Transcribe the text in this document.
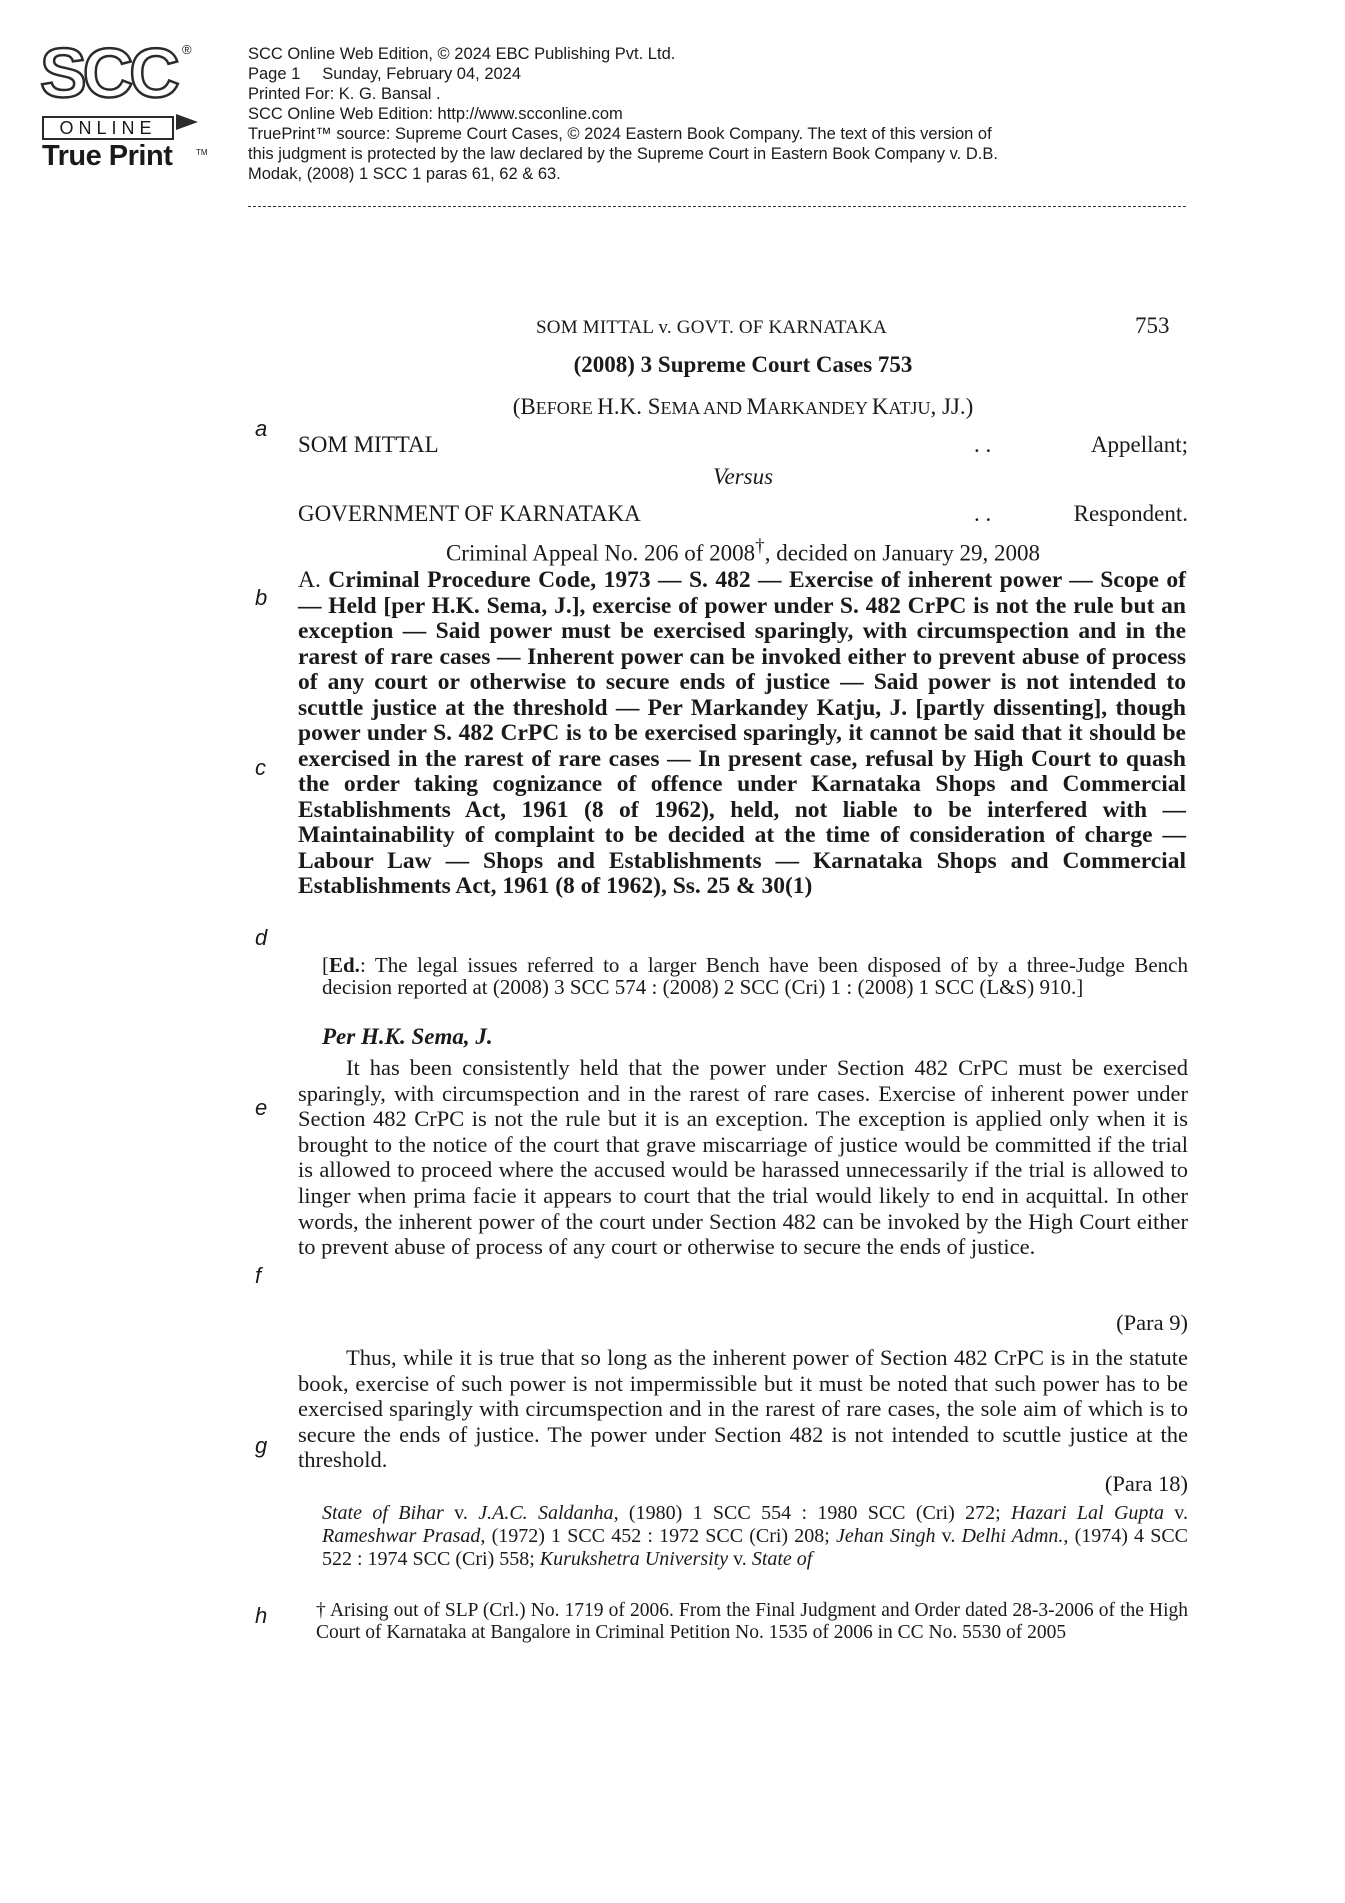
SCC ®
ONLINE
True Print	TM
SCC Online Web Edition, © 2024 EBC Publishing Pvt. Ltd.
Page 1 Sunday, February 04, 2024
Printed For: K. G. Bansal .
SCC Online Web Edition: http://www.scconline.com
TruePrint™ source: Supreme Court Cases, © 2024 Eastern Book Company. The text of this version of
this judgment is protected by the law declared by the Supreme Court in Eastern Book Company v. D.B.
Modak, (2008) 1 SCC 1 paras 61, 62 & 63.
SOM MITTAL v. GOVT. OF KARNATAKA	753
(2008) 3 Supreme Court Cases 753
(BEFORE H.K. SEMA AND MARKANDEY KATJU, JJ.)
a
b
c
d
e
f
g
h
SOM MITTAL	. .	Appellant;
Versus
GOVERNMENT OF KARNATAKA	. .	Respondent.
Criminal Appeal No. 206 of 2008†, decided on January 29, 2008
A. Criminal Procedure Code, 1973 — S. 482 — Exercise of inherent power — Scope of — Held [per H.K. Sema, J.], exercise of power under S. 482 CrPC is not the rule but an exception — Said power must be exercised sparingly, with circumspection and in the rarest of rare cases — Inherent power can be invoked either to prevent abuse of process of any court or otherwise to secure ends of justice — Said power is not intended to scuttle justice at the threshold — Per Markandey Katju, J. [partly dissenting], though power under S. 482 CrPC is to be exercised sparingly, it cannot be said that it should be exercised in the rarest of rare cases — In present case, refusal by High Court to quash the order taking cognizance of offence under Karnataka Shops and Commercial Establishments Act, 1961 (8 of 1962), held, not liable to be interfered with — Maintainability of complaint to be decided at the time of consideration of charge — Labour Law — Shops and Establishments — Karnataka Shops and Commercial Establishments Act, 1961 (8 of 1962), Ss. 25 & 30(1)
[Ed.: The legal issues referred to a larger Bench have been disposed of by a three-Judge Bench decision reported at (2008) 3 SCC 574 : (2008) 2 SCC (Cri) 1 : (2008) 1 SCC (L&S) 910.]
Per H.K. Sema, J.

It has been consistently held that the power under Section 482 CrPC must be exercised sparingly, with circumspection and in the rarest of rare cases. Exercise of inherent power under Section 482 CrPC is not the rule but it is an exception. The exception is applied only when it is brought to the notice of the court that grave miscarriage of justice would be committed if the trial is allowed to proceed where the accused would be harassed unnecessarily if the trial is allowed to linger when prima facie it appears to court that the trial would likely to end in acquittal. In other words, the inherent power of the court under Section 482 can be invoked by the High Court either to prevent abuse of process of any court or otherwise to secure the ends of justice.

(Para 9)

Thus, while it is true that so long as the inherent power of Section 482 CrPC is in the statute book, exercise of such power is not impermissible but it must be noted that such power has to be exercised sparingly with circumspection and in the rarest of rare cases, the sole aim of which is to secure the ends of justice. The power under Section 482 is not intended to scuttle justice at the threshold.

(Para 18)
State of Bihar v. J.A.C. Saldanha, (1980) 1 SCC 554 : 1980 SCC (Cri) 272; Hazari Lal Gupta v. Rameshwar Prasad, (1972) 1 SCC 452 : 1972 SCC (Cri) 208; Jehan Singh v. Delhi Admn., (1974) 4 SCC 522 : 1974 SCC (Cri) 558; Kurukshetra University v. State of
† Arising out of SLP (Crl.) No. 1719 of 2006. From the Final Judgment and Order dated 28-3-2006 of the High Court of Karnataka at Bangalore in Criminal Petition No. 1535 of 2006 in CC No. 5530 of 2005
